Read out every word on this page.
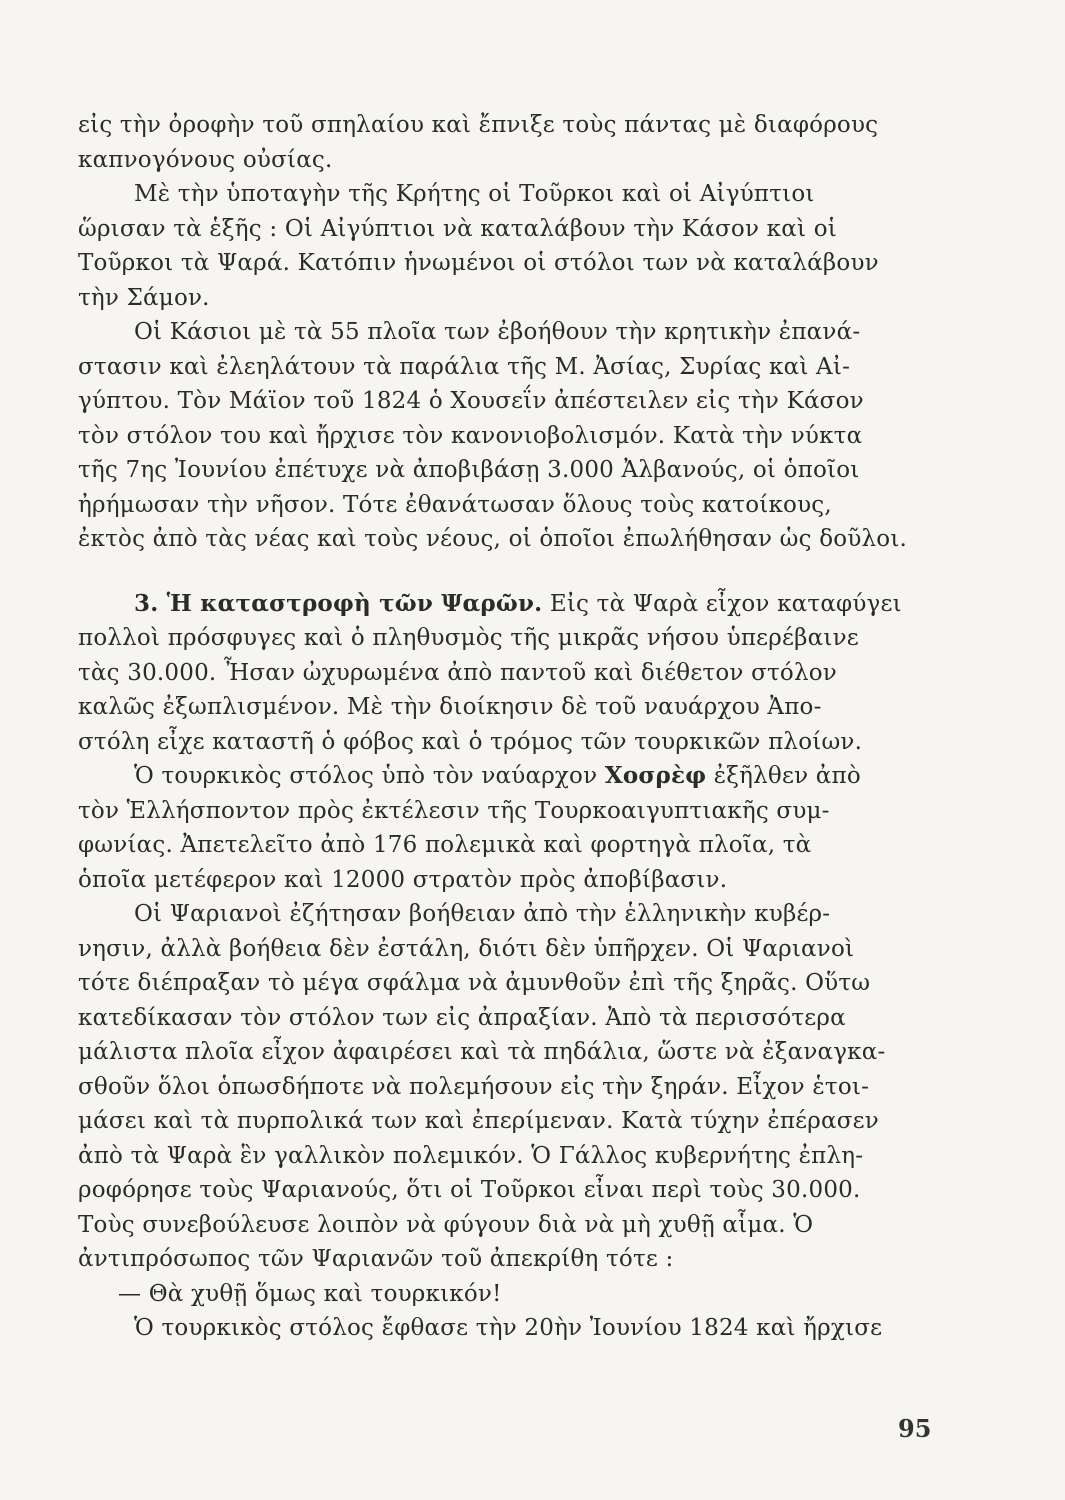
εἰς τὴν ὀροφὴν τοῦ σπηλαίου καὶ ἔπνιξε τοὺς πάντας μὲ διαφόρους
καπνογόνους οὐσίας.
Μὲ τὴν ὑποταγὴν τῆς Κρήτης οἱ Τοῦρκοι καὶ οἱ Αἰγύπτιοι
ὥρισαν τὰ ἑξῆς : Οἱ Αἰγύπτιοι νὰ καταλάβουν τὴν Κάσον καὶ οἱ
Τοῦρκοι τὰ Ψαρά. Κατόπιν ἡνωμένοι οἱ στόλοι των νὰ καταλάβουν
τὴν Σάμον.
Οἱ Κάσιοι μὲ τὰ 55 πλοῖα των ἐβοήθουν τὴν κρητικὴν ἐπανά-
στασιν καὶ ἐλεηλάτουν τὰ παράλια τῆς Μ. Ἀσίας, Συρίας καὶ Αἰ-
γύπτου. Τὸν Μάϊον τοῦ 1824 ὁ Χουσεΐν ἀπέστειλεν εἰς τὴν Κάσον
τὸν στόλον του καὶ ἤρχισε τὸν κανονιοβολισμόν. Κατὰ τὴν νύκτα
τῆς 7ης Ἰουνίου ἐπέτυχε νὰ ἀποβιβάσῃ 3.000 Ἀλβανούς, οἱ ὁποῖοι
ἠρήμωσαν τὴν νῆσον. Τότε ἐθανάτωσαν ὅλους τοὺς κατοίκους,
ἐκτὸς ἀπὸ τὰς νέας καὶ τοὺς νέους, οἱ ὁποῖοι ἐπωλήθησαν ὡς δοῦλοι.
3. Ἡ καταστροφὴ τῶν Ψαρῶν. Εἰς τὰ Ψαρὰ εἶχον καταφύγει
πολλοὶ πρόσφυγες καὶ ὁ πληθυσμὸς τῆς μικρᾶς νήσου ὑπερέβαινε
τὰς 30.000. Ἦσαν ὠχυρωμένα ἀπὸ παντοῦ καὶ διέθετον στόλον
καλῶς ἐξωπλισμένον. Μὲ τὴν διοίκησιν δὲ τοῦ ναυάρχου Ἀπο-
στόλη εἶχε καταστῆ ὁ φόβος καὶ ὁ τρόμος τῶν τουρκικῶν πλοίων.
Ὁ τουρκικὸς στόλος ὑπὸ τὸν ναύαρχον Χοσρὲφ ἐξῆλθεν ἀπὸ
τὸν Ἑλλήσποντον πρὸς ἐκτέλεσιν τῆς Τουρκοαιγυπτιακῆς συμ-
φωνίας. Ἀπετελεῖτο ἀπὸ 176 πολεμικὰ καὶ φορτηγὰ πλοῖα, τὰ
ὁποῖα μετέφερον καὶ 12000 στρατὸν πρὸς ἀποβίβασιν.
Οἱ Ψαριανοὶ ἐζήτησαν βοήθειαν ἀπὸ τὴν ἑλληνικὴν κυβέρ-
νησιν, ἀλλὰ βοήθεια δὲν ἐστάλη, διότι δὲν ὑπῆρχεν. Οἱ Ψαριανοὶ
τότε διέπραξαν τὸ μέγα σφάλμα νὰ ἀμυνθοῦν ἐπὶ τῆς ξηρᾶς. Οὕτω
κατεδίκασαν τὸν στόλον των εἰς ἀπραξίαν. Ἀπὸ τὰ περισσότερα
μάλιστα πλοῖα εἶχον ἀφαιρέσει καὶ τὰ πηδάλια, ὥστε νὰ ἐξαναγκα-
σθοῦν ὅλοι ὁπωσδήποτε νὰ πολεμήσουν εἰς τὴν ξηράν. Εἶχον ἑτοι-
μάσει καὶ τὰ πυρπολικά των καὶ ἐπερίμεναν. Κατὰ τύχην ἐπέρασεν
ἀπὸ τὰ Ψαρὰ ἓν γαλλικὸν πολεμικόν. Ὁ Γάλλος κυβερνήτης ἐπλη-
ροφόρησε τοὺς Ψαριανούς, ὅτι οἱ Τοῦρκοι εἶναι περὶ τοὺς 30.000.
Τοὺς συνεβούλευσε λοιπὸν νὰ φύγουν διὰ νὰ μὴ χυθῇ αἷμα. Ὁ
ἀντιπρόσωπος τῶν Ψαριανῶν τοῦ ἀπεκρίθη τότε :
— Θὰ χυθῇ ὅμως καὶ τουρκικόν!
Ὁ τουρκικὸς στόλος ἔφθασε τὴν 20ὴν Ἰουνίου 1824 καὶ ἤρχισε
95
